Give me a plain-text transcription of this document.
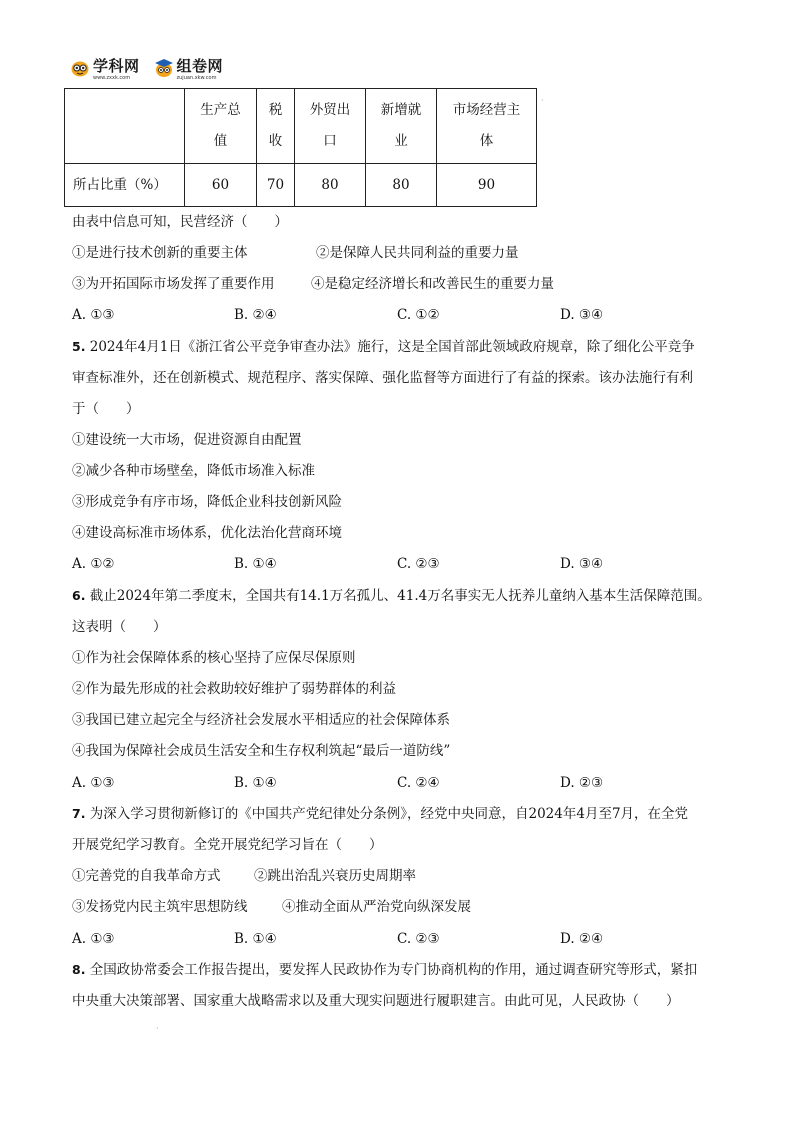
学科网
www.zxxk.com
组卷网
zujuan.xkw.com
·
	生产总值	税收	外贸出口	新增就业	市场经营主体
所占比重（%）	60	70	80	80	90
由表中信息可知，民营经济（　　）
①是进行技术创新的重要主体	②是保障人民共同利益的重要力量
③为开拓国际市场发挥了重要作用	④是稳定经济增长和改善民生的重要力量
A. ①③	B. ②④	C. ①②	D. ③④
5. 2024年4月1日《浙江省公平竞争审查办法》施行，这是全国首部此领域政府规章，除了细化公平竞争
审查标准外，还在创新模式、规范程序、落实保障、强化监督等方面进行了有益的探索。该办法施行有利
于（　　）
①建设统一大市场，促进资源自由配置
②减少各种市场壁垒，降低市场准入标准
③形成竞争有序市场，降低企业科技创新风险
④建设高标准市场体系，优化法治化营商环境
A. ①②	B. ①④	C. ②③	D. ③④
6. 截止2024年第二季度末，全国共有14.1万名孤儿、41.4万名事实无人抚养儿童纳入基本生活保障范围。
这表明（　　）
①作为社会保障体系的核心坚持了应保尽保原则
②作为最先形成的社会救助较好维护了弱势群体的利益
③我国已建立起完全与经济社会发展水平相适应的社会保障体系
④我国为保障社会成员生活安全和生存权利筑起“最后一道防线”
A. ①③	B. ①④	C. ②④	D. ②③
7. 为深入学习贯彻新修订的《中国共产党纪律处分条例》，经党中央同意，自2024年4月至7月，在全党
开展党纪学习教育。全党开展党纪学习旨在（　　）
①完善党的自我革命方式 ②跳出治乱兴衰历史周期率
③发扬党内民主筑牢思想防线	④推动全面从严治党向纵深发展
A. ①③	B. ①④	C. ②③	D. ②④
8. 全国政协常委会工作报告提出，要发挥人民政协作为专门协商机构的作用，通过调查研究等形式，紧扣
中央重大决策部署、国家重大战略需求以及重大现实问题进行履职建言。由此可见，人民政协（　　）
·
